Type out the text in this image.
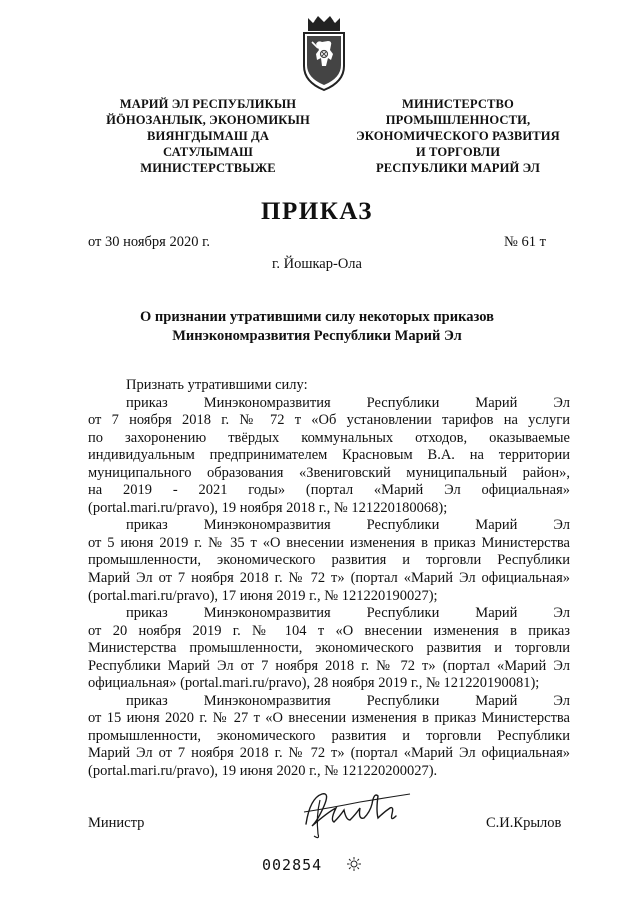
МАРИЙ ЭЛ РЕСПУБЛИКЫН
ЙӦНОЗАНЛЫК, ЭКОНОМИКЫН
ВИЯНГДЫМАШ ДА
САТУЛЫМАШ
МИНИСТЕРСТВЫЖЕ
МИНИСТЕРСТВО
ПРОМЫШЛЕННОСТИ,
ЭКОНОМИЧЕСКОГО РАЗВИТИЯ
И ТОРГОВЛИ
РЕСПУБЛИКИ МАРИЙ ЭЛ
ПРИКАЗ
от 30 ноября 2020 г.	№ 61 т
г. Йошкар-Ола
О признании утратившими силу некоторых приказов
Минэкономразвития Республики Марий Эл
Признать утратившими силу:
приказ Минэкономразвития Республики Марий Эл
от 7 ноября 2018 г. № 72 т «Об установлении тарифов на услуги
по захоронению твёрдых коммунальных отходов, оказываемые
индивидуальным предпринимателем Красновым В.А. на территории
муниципального образования «Звениговский муниципальный район»,
на 2019 - 2021 годы» (портал «Марий Эл официальная»
(portal.mari.ru/pravo), 19 ноября 2018 г., № 121220180068);
приказ Минэкономразвития Республики Марий Эл
от 5 июня 2019 г. № 35 т «О внесении изменения в приказ Министерства
промышленности, экономического развития и торговли Республики
Марий Эл от 7 ноября 2018 г. № 72 т» (портал «Марий Эл официальная»
(portal.mari.ru/pravo), 17 июня 2019 г., № 121220190027);
приказ Минэкономразвития Республики Марий Эл
от 20 ноября 2019 г. № 104 т «О внесении изменения в приказ
Министерства промышленности, экономического развития и торговли
Республики Марий Эл от 7 ноября 2018 г. № 72 т» (портал «Марий Эл
официальная» (portal.mari.ru/pravo), 28 ноября 2019 г., № 121220190081);
приказ Минэкономразвития Республики Марий Эл
от 15 июня 2020 г. № 27 т «О внесении изменения в приказ Министерства
промышленности, экономического развития и торговли Республики
Марий Эл от 7 ноября 2018 г. № 72 т» (портал «Марий Эл официальная»
(portal.mari.ru/pravo), 19 июня 2020 г., № 121220200027).
Министр	С.И.Крылов
002854
